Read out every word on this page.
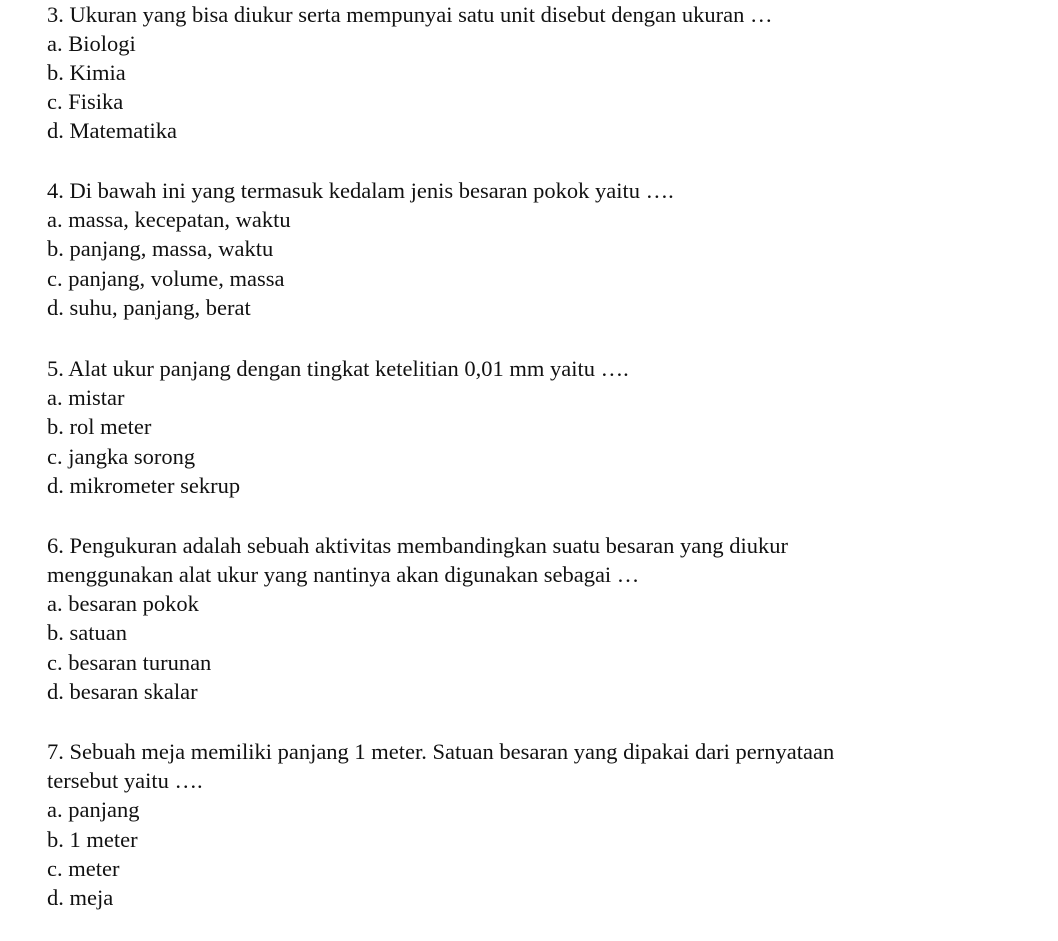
3. Ukuran yang bisa diukur serta mempunyai satu unit disebut dengan ukuran …
a. Biologi
b. Kimia
c. Fisika
d. Matematika
4. Di bawah ini yang termasuk kedalam jenis besaran pokok yaitu ….
a. massa, kecepatan, waktu
b. panjang, massa, waktu
c. panjang, volume, massa
d. suhu, panjang, berat
5. Alat ukur panjang dengan tingkat ketelitian 0,01 mm yaitu ….
a. mistar
b. rol meter
c. jangka sorong
d. mikrometer sekrup
6. Pengukuran adalah sebuah aktivitas membandingkan suatu besaran yang diukur
menggunakan alat ukur yang nantinya akan digunakan sebagai …
a. besaran pokok
b. satuan
c. besaran turunan
d. besaran skalar
7. Sebuah meja memiliki panjang 1 meter. Satuan besaran yang dipakai dari pernyataan
tersebut yaitu ….
a. panjang
b. 1 meter
c. meter
d. meja
